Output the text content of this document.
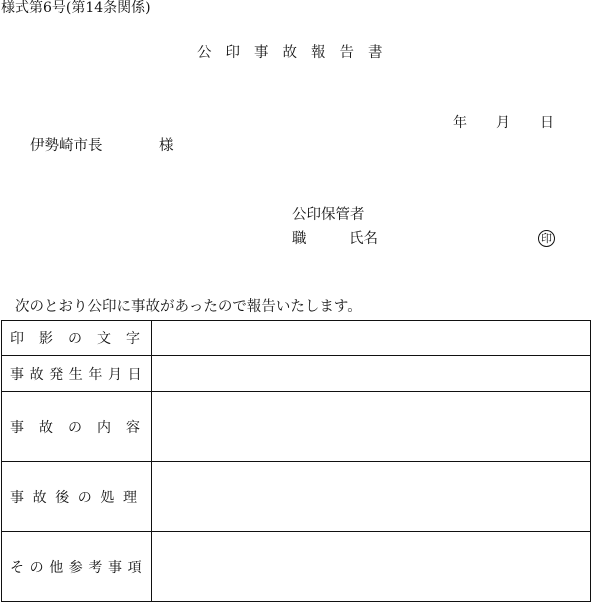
様式第6号(第14条関係)
公印事故報告書
年 月 日
伊勢崎市長	様
公印保管者
職	氏名	印
次のとおり公印に事故があったので報告いたします。
印影の文字	

事故発生年月日	

事故の内容	

事故後の処理	

その他参考事項	
